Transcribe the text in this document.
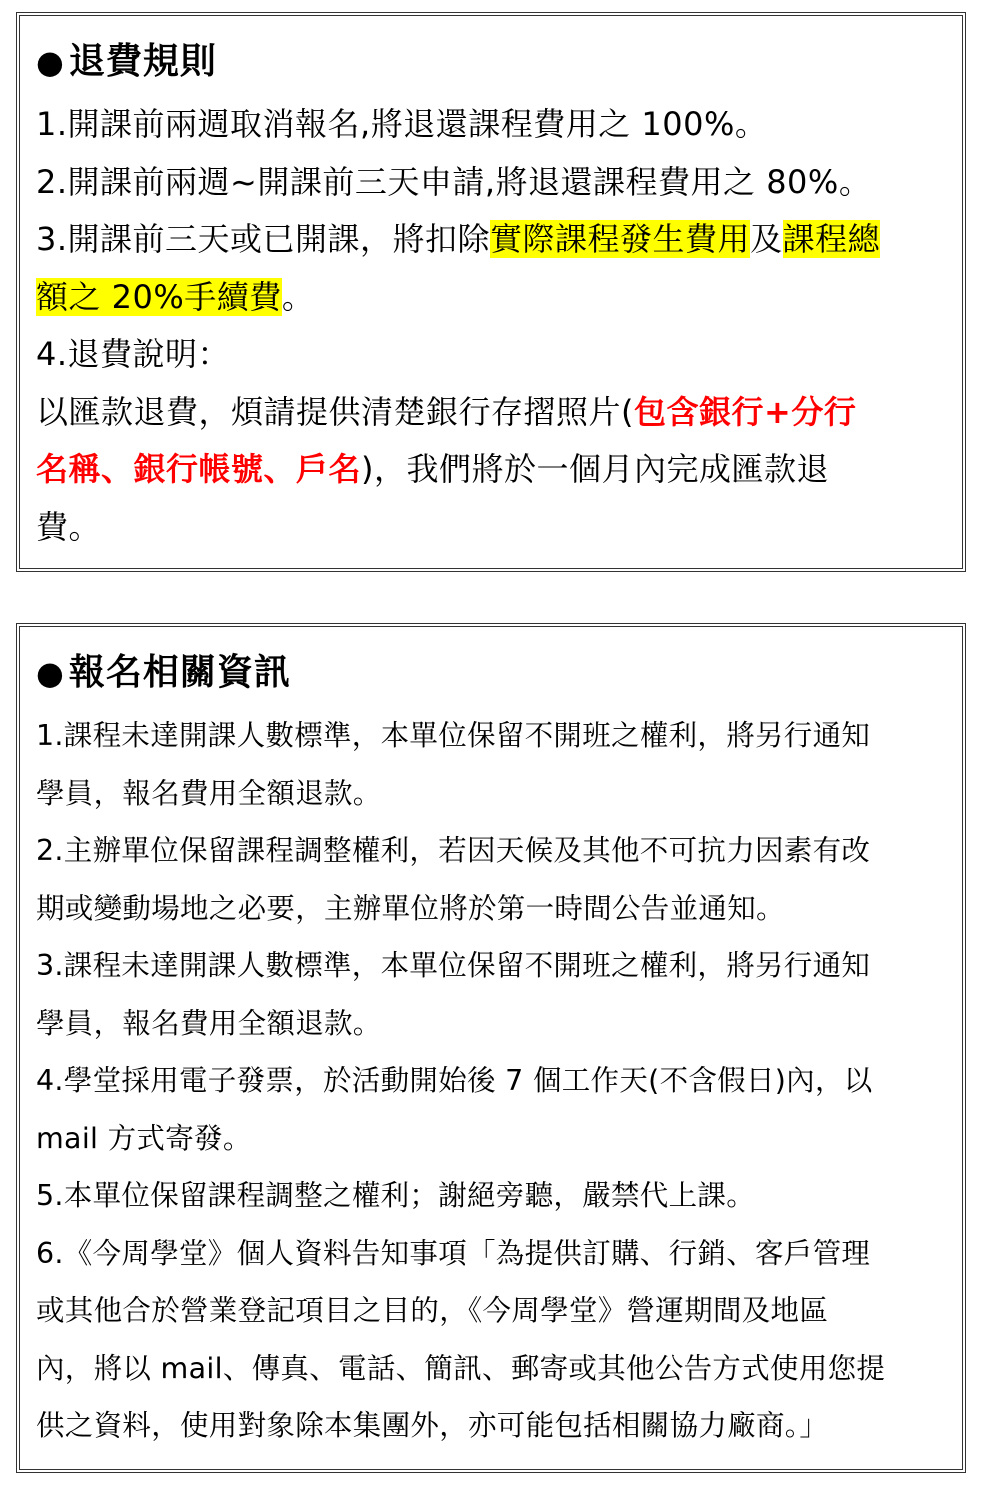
● 退費規則
1.開課前兩週取消報名,將退還課程費用之 100%。
2.開課前兩週~開課前三天申請,將退還課程費用之 80%。
3.開課前三天或已開課，將扣除實際課程發生費用及課程總
額之 20%手續費。
4.退費說明：
以匯款退費，煩請提供清楚銀行存摺照片(包含銀行+分行
名稱、銀行帳號、戶名)，我們將於一個月內完成匯款退
費。
● 報名相關資訊
1.課程未達開課人數標準，本單位保留不開班之權利，將另行通知
學員，報名費用全額退款。
2.主辦單位保留課程調整權利，若因天候及其他不可抗力因素有改
期或變動場地之必要，主辦單位將於第一時間公告並通知。
3.課程未達開課人數標準，本單位保留不開班之權利，將另行通知
學員，報名費用全額退款。
4.學堂採用電子發票，於活動開始後 7 個工作天(不含假日)內，以
mail 方式寄發。
5.本單位保留課程調整之權利；謝絕旁聽，嚴禁代上課。
6.《今周學堂》個人資料告知事項「為提供訂購、行銷、客戶管理
或其他合於營業登記項目之目的，《今周學堂》營運期間及地區
內，將以 mail、傳真、電話、簡訊、郵寄或其他公告方式使用您提
供之資料，使用對象除本集團外，亦可能包括相關協力廠商。」
